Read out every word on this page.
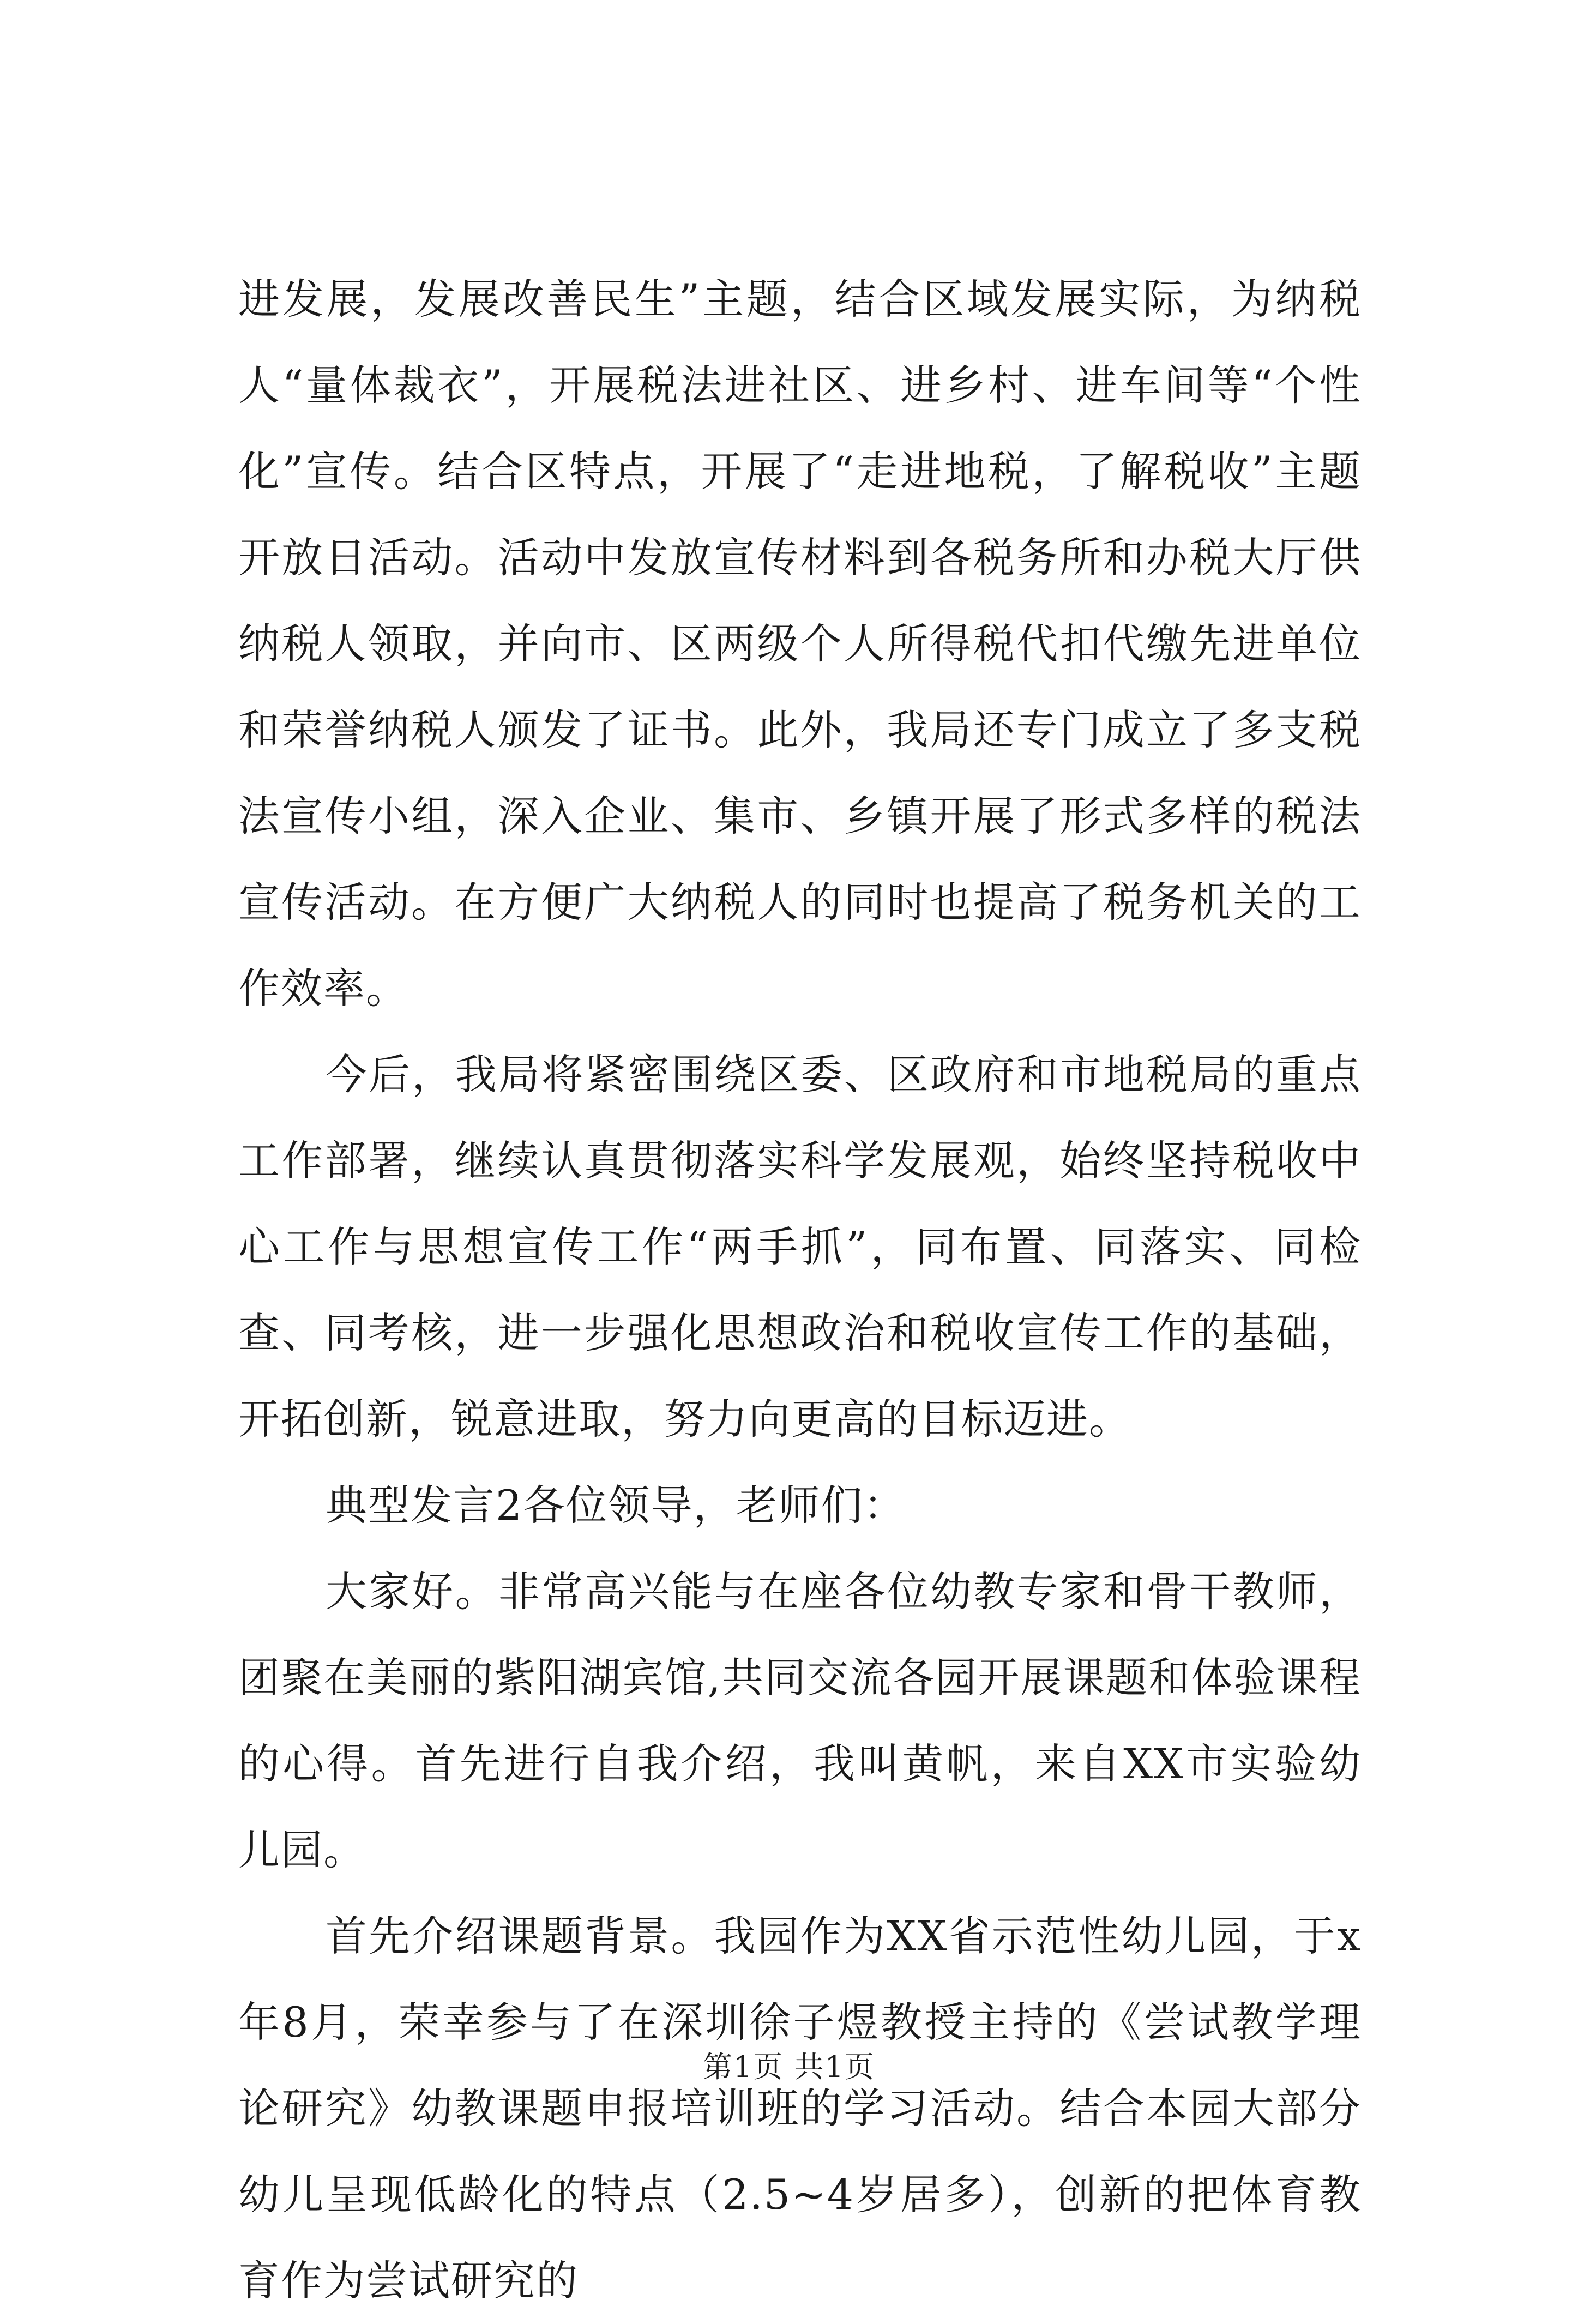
进发展，发展改善民生”主题，结合区域发展实际，为纳税人“量体裁衣”，开展税法进社区、进乡村、进车间等“个性化”宣传。结合区特点，开展了“走进地税，了解税收”主题开放日活动。活动中发放宣传材料到各税务所和办税大厅供纳税人领取，并向市、区两级个人所得税代扣代缴先进单位和荣誉纳税人颁发了证书。此外，我局还专门成立了多支税法宣传小组，深入企业、集市、乡镇开展了形式多样的税法宣传活动。在方便广大纳税人的同时也提高了税务机关的工作效率。

今后，我局将紧密围绕区委、区政府和市地税局的重点工作部署，继续认真贯彻落实科学发展观，始终坚持税收中心工作与思想宣传工作“两手抓”，同布置、同落实、同检查、同考核，进一步强化思想政治和税收宣传工作的基础，开拓创新，锐意进取，努力向更高的目标迈进。

典型发言2各位领导，老师们：

大家好。非常高兴能与在座各位幼教专家和骨干教师，团聚在美丽的紫阳湖宾馆,共同交流各园开展课题和体验课程的心得。首先进行自我介绍，我叫黄帆，来自XX市实验幼儿园。

首先介绍课题背景。我园作为XX省示范性幼儿园，于x年8月，荣幸参与了在深圳徐子煜教授主持的《尝试教学理论研究》幼教课题申报培训班的学习活动。结合本园大部分幼儿呈现低龄化的特点（2.5~4岁居多），创新的把体育教育作为尝试研究的

第1页 共1页
